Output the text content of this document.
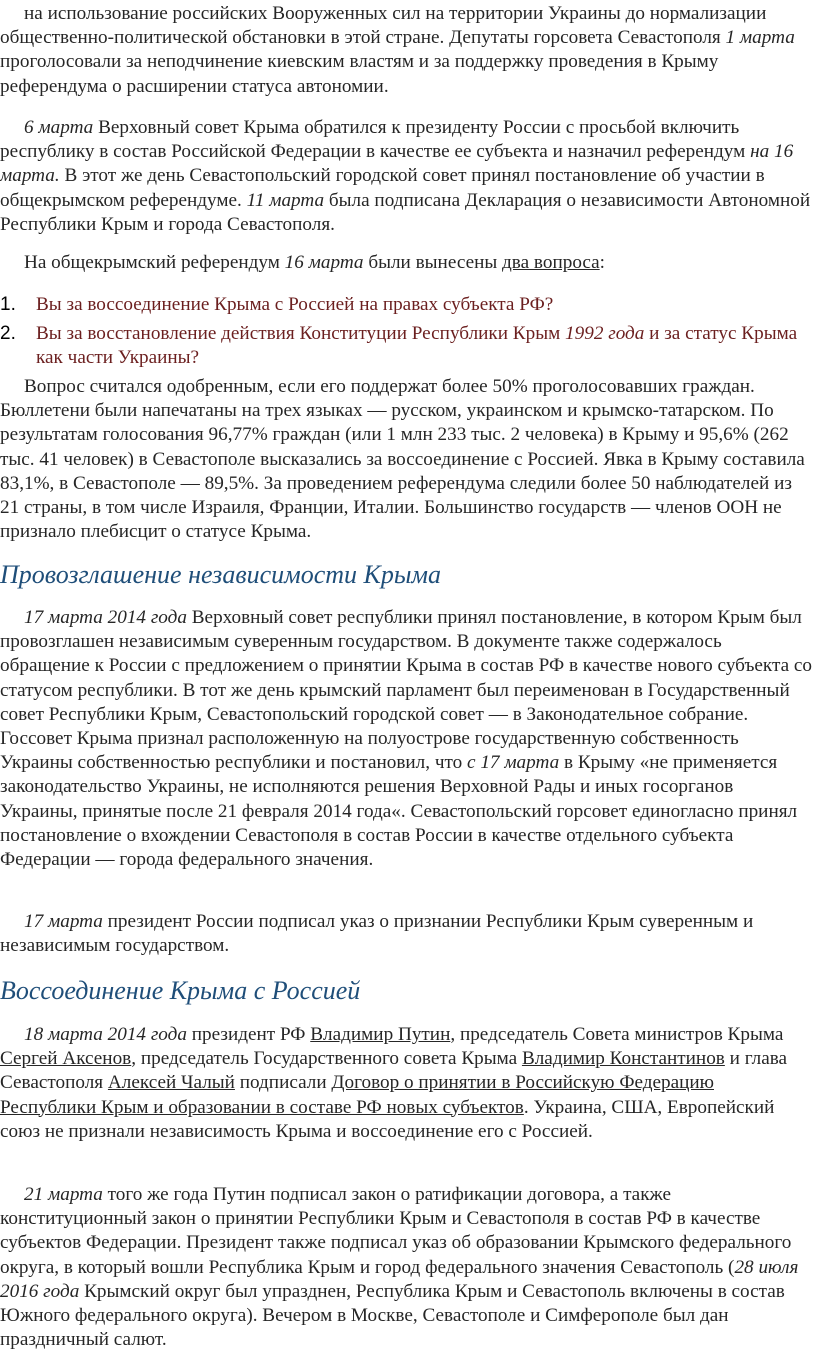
на использование российских Вооруженных сил на территории Украины до нормализации общественно-политической обстановки в этой стране. Депутаты горсовета Севастополя 1 марта проголосовали за неподчинение киевским властям и за поддержку проведения в Крыму референдума о расширении статуса автономии.

6 марта Верховный совет Крыма обратился к президенту России с просьбой включить республику в состав Российской Федерации в качестве ее субъекта и назначил референдум на 16 марта. В этот же день Севастопольский городской совет принял постановление об участии в общекрымском референдуме. 11 марта была подписана Декларация о независимости Автономной Республики Крым и города Севастополя.

На общекрымский референдум 16 марта были вынесены два вопроса:

1. Вы за воссоединение Крыма с Россией на правах субъекта РФ?
2. Вы за восстановление действия Конституции Республики Крым 1992 года и за статус Крыма как части Украины?

Вопрос считался одобренным, если его поддержат более 50% проголосовавших граждан. Бюллетени были напечатаны на трех языках — русском, украинском и крымско-татарском. По результатам голосования 96,77% граждан (или 1 млн 233 тыс. 2 человека) в Крыму и 95,6% (262 тыс. 41 человек) в Севастополе высказались за воссоединение с Россией. Явка в Крыму составила 83,1%, в Севастополе — 89,5%. За проведением референдума следили более 50 наблюдателей из 21 страны, в том числе Израиля, Франции, Италии. Большинство государств — членов ООН не признало плебисцит о статусе Крыма.

Провозглашение независимости Крыма

17 марта 2014 года Верховный совет республики принял постановление, в котором Крым был провозглашен независимым суверенным государством. В документе также содержалось обращение к России с предложением о принятии Крыма в состав РФ в качестве нового субъекта со статусом республики. В тот же день крымский парламент был переименован в Государственный совет Республики Крым, Севастопольский городской совет — в Законодательное собрание. Госсовет Крыма признал расположенную на полуострове государственную собственность Украины собственностью республики и постановил, что с 17 марта в Крыму «не применяется законодательство Украины, не исполняются решения Верховной Рады и иных госорганов Украины, принятые после 21 февраля 2014 года«. Севастопольский горсовет единогласно принял постановление о вхождении Севастополя в состав России в качестве отдельного субъекта Федерации — города федерального значения.

17 марта президент России подписал указ о признании Республики Крым суверенным и независимым государством.

Воссоединение Крыма с Россией

18 марта 2014 года президент РФ Владимир Путин, председатель Совета министров Крыма Сергей Аксенов, председатель Государственного совета Крыма Владимир Константинов и глава Севастополя Алексей Чалый подписали Договор о принятии в Российскую Федерацию Республики Крым и образовании в составе РФ новых субъектов. Украина, США, Европейский союз не признали независимость Крыма и воссоединение его с Россией.

21 марта того же года Путин подписал закон о ратификации договора, а также конституционный закон о принятии Республики Крым и Севастополя в состав РФ в качестве субъектов Федерации. Президент также подписал указ об образовании Крымского федерального округа, в который вошли Республика Крым и город федерального значения Севастополь (28 июля 2016 года Крымский округ был упразднен, Республика Крым и Севастополь включены в состав Южного федерального округа). Вечером в Москве, Севастополе и Симферополе был дан праздничный салют.
